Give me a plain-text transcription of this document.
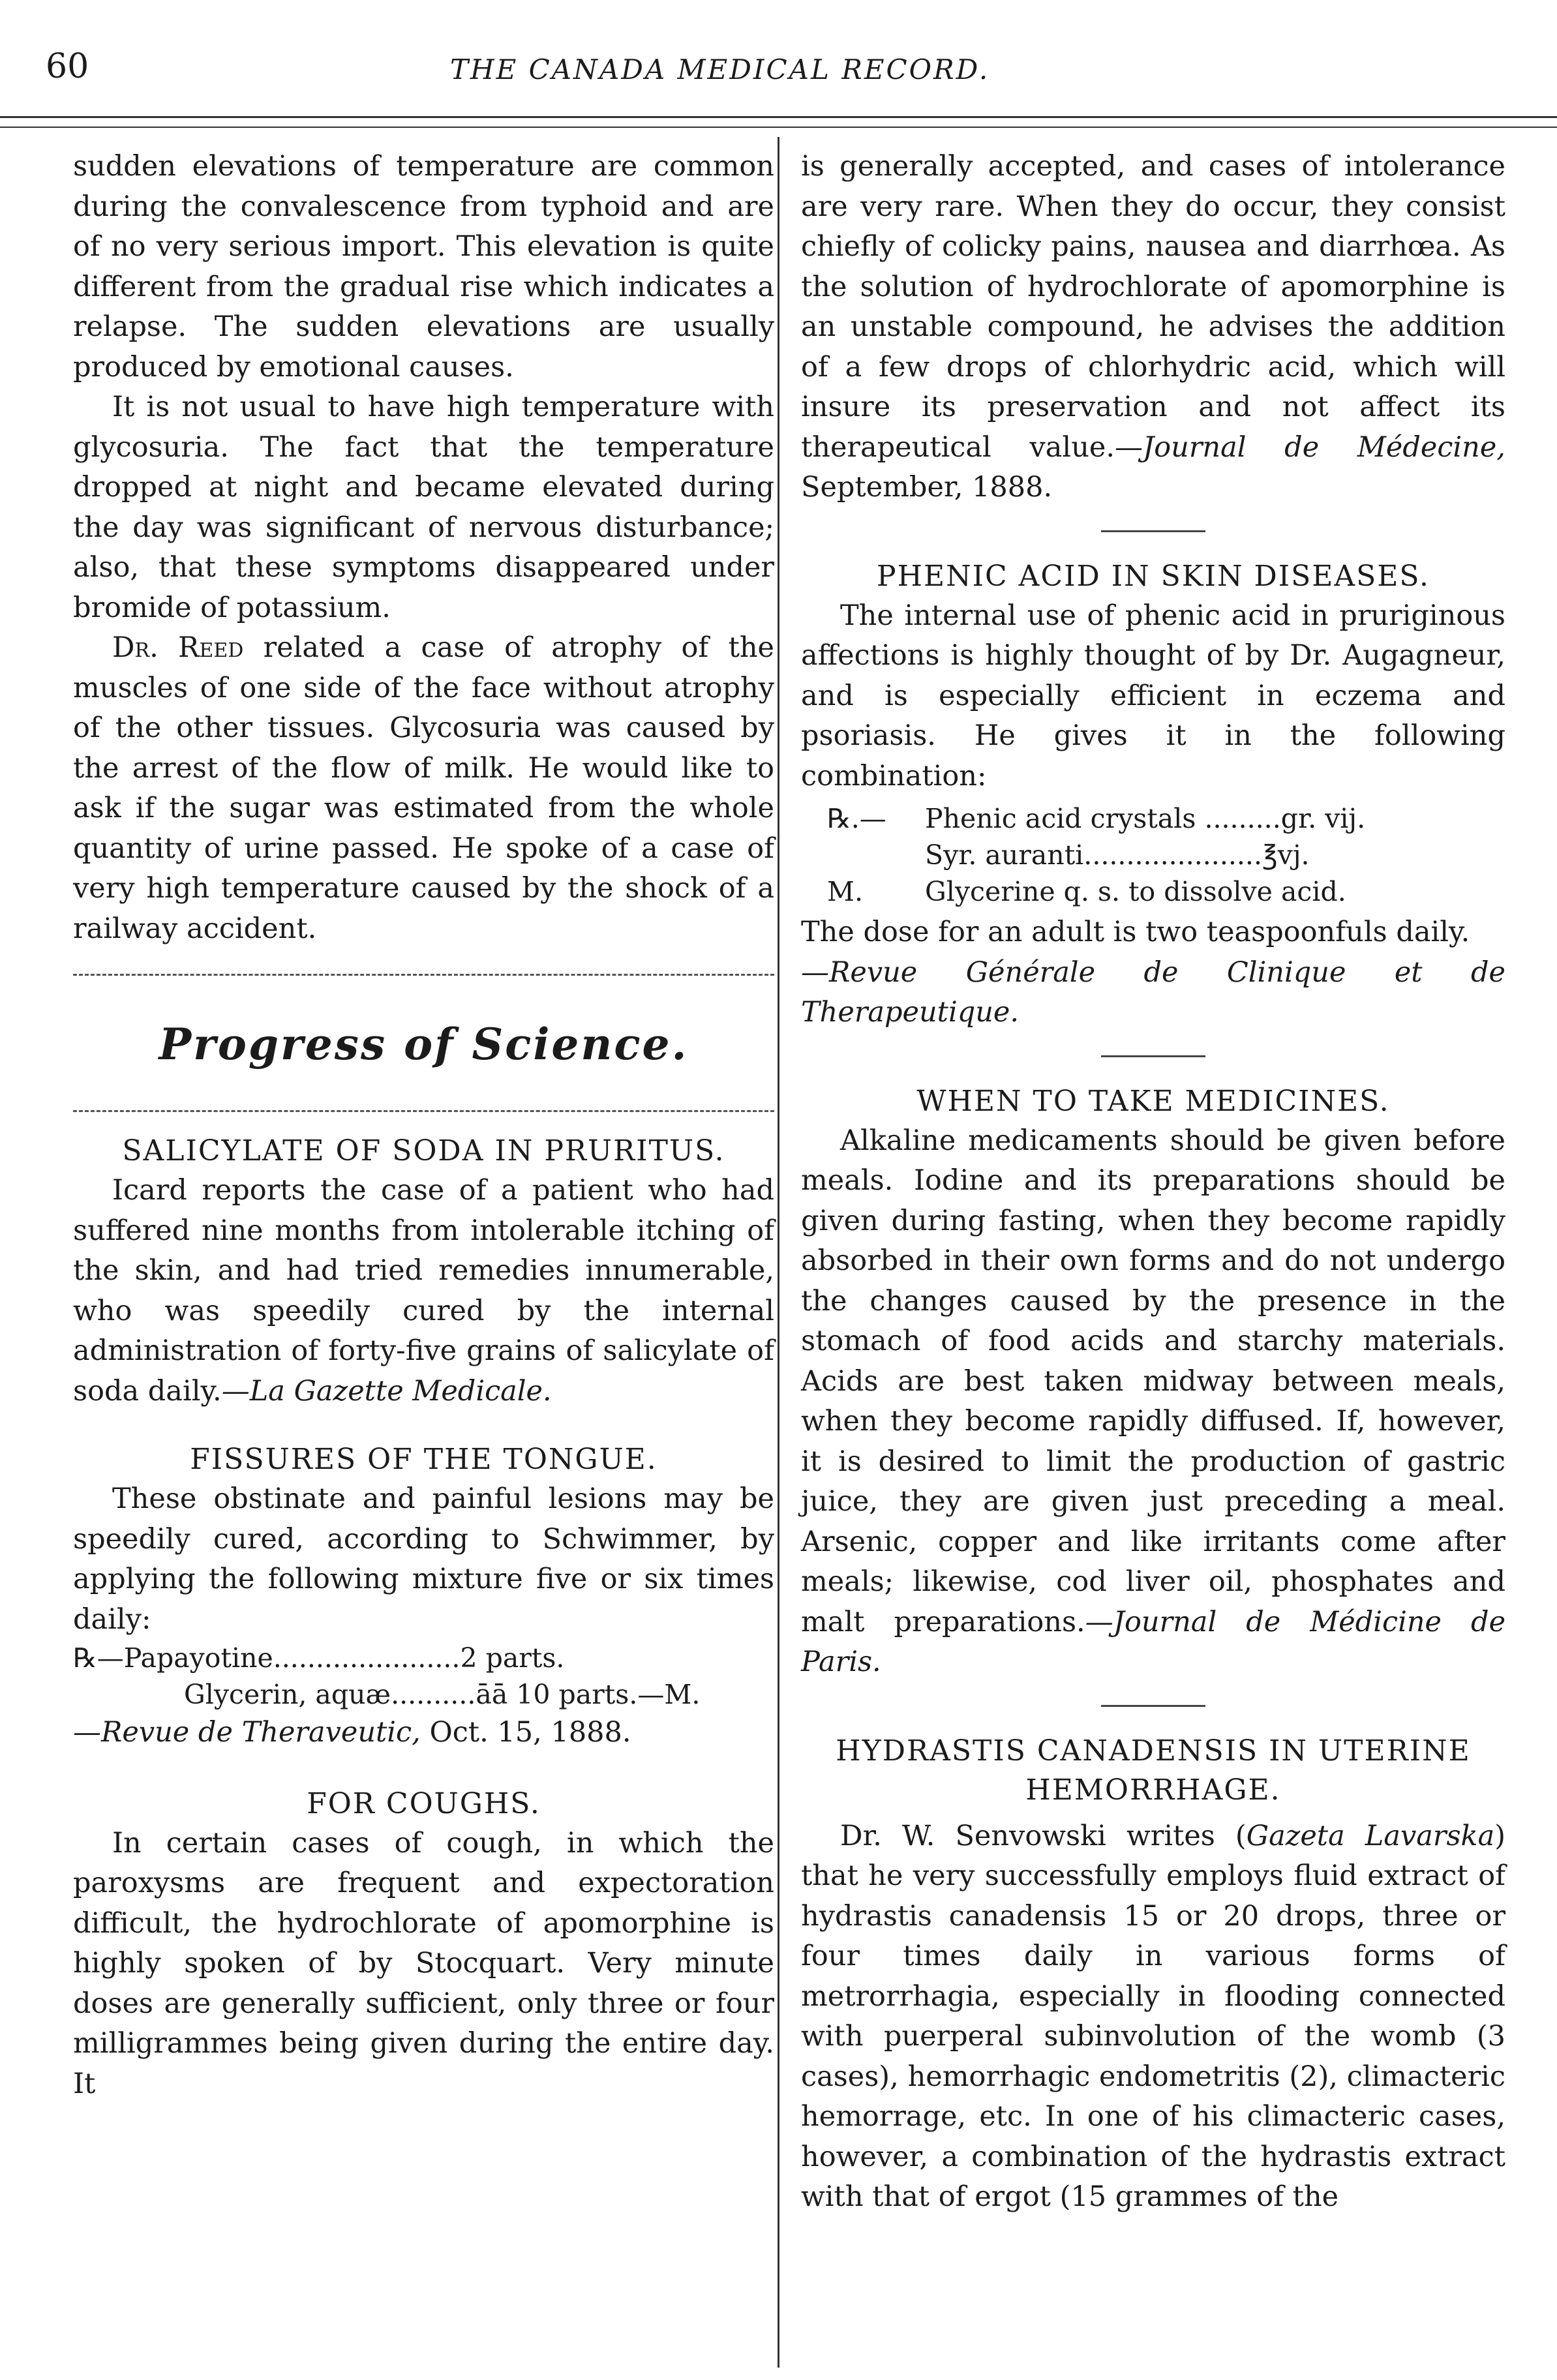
60	THE CANADA MEDICAL RECORD.

sudden elevations of temperature are common during the convalescence from typhoid and are of no very serious import. This elevation is quite different from the gradual rise which indicates a relapse. The sudden elevations are usually produced by emotional causes.

It is not usual to have high temperature with glycosuria. The fact that the temperature dropped at night and became elevated during the day was significant of nervous disturbance; also, that these symptoms disappeared under bromide of potassium.

Dr. Reed related a case of atrophy of the muscles of one side of the face without atrophy of the other tissues. Glycosuria was caused by the arrest of the flow of milk. He would like to ask if the sugar was estimated from the whole quantity of urine passed. He spoke of a case of very high temperature caused by the shock of a railway accident.

Progress of Science.
SALICYLATE OF SODA IN PRURITUS.

Icard reports the case of a patient who had suffered nine months from intolerable itching of the skin, and had tried remedies innumerable, who was speedily cured by the internal administration of forty-five grains of salicylate of soda daily.—La Gazette Medicale.

FISSURES OF THE TONGUE.

These obstinate and painful lesions may be speedily cured, according to Schwimmer, by applying the following mixture five or six times daily:

℞—Papayotine......................2 parts.
Glycerin, aquæ..........āā 10 parts.—M.

—Revue de Theraveutic, Oct. 15, 1888.

FOR COUGHS.

In certain cases of cough, in which the paroxysms are frequent and expectoration difficult, the hydrochlorate of apomorphine is highly spoken of by Stocquart. Very minute doses are generally sufficient, only three or four milligrammes being given during the entire day. It

is generally accepted, and cases of intolerance are very rare. When they do occur, they consist chiefly of colicky pains, nausea and diarrhœa. As the solution of hydrochlorate of apomorphine is an unstable compound, he advises the addition of a few drops of chlorhydric acid, which will insure its preservation and not affect its therapeutical value.—Journal de Médecine, September, 1888.

PHENIC ACID IN SKIN DISEASES.

The internal use of phenic acid in pruriginous affections is highly thought of by Dr. Augagneur, and is especially efficient in eczema and psoriasis. He gives it in the following combination:

℞.—	Phenic acid crystals .........gr. vij.
Syr. auranti.....................℥vj.
M.	Glycerine q. s. to dissolve acid.

The dose for an adult is two teaspoonfuls daily.

—Revue Générale de Clinique et de Therapeutique.

WHEN TO TAKE MEDICINES.

Alkaline medicaments should be given before meals. Iodine and its preparations should be given during fasting, when they become rapidly absorbed in their own forms and do not undergo the changes caused by the presence in the stomach of food acids and starchy materials. Acids are best taken midway between meals, when they become rapidly diffused. If, however, it is desired to limit the production of gastric juice, they are given just preceding a meal. Arsenic, copper and like irritants come after meals; likewise, cod liver oil, phosphates and malt preparations.—Journal de Médicine de Paris.

HYDRASTIS CANADENSIS IN UTERINE HEMORRHAGE.

Dr. W. Senvowski writes (Gazeta Lavarska) that he very successfully employs fluid extract of hydrastis canadensis 15 or 20 drops, three or four times daily in various forms of metrorrhagia, especially in flooding connected with puerperal subinvolution of the womb (3 cases), hemorrhagic endometritis (2), climacteric hemorrage, etc. In one of his climacteric cases, however, a combination of the hydrastis extract with that of ergot (15 grammes of the
